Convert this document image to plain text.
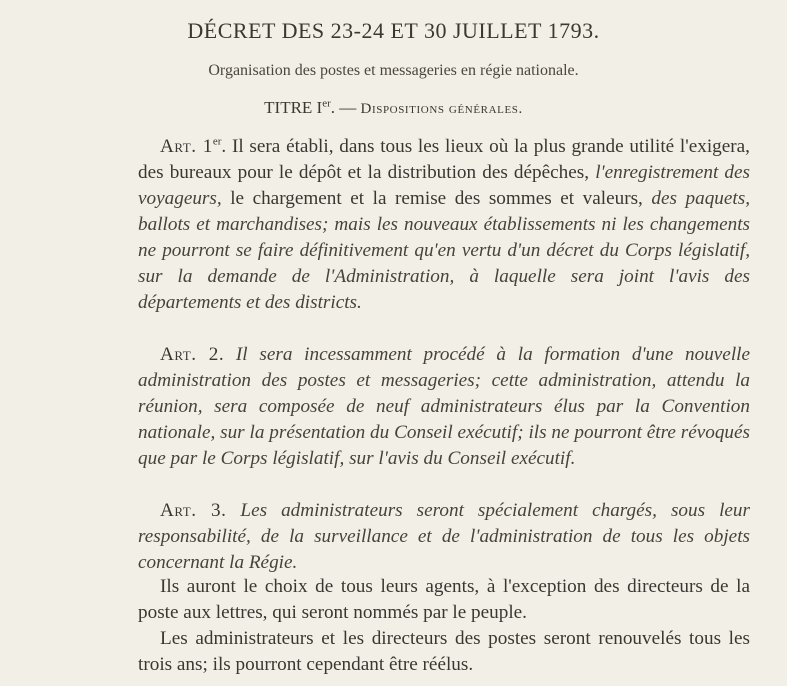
DÉCRET DES 23-24 ET 30 JUILLET 1793.
Organisation des postes et messageries en régie nationale.
TITRE Ier. — Dispositions générales.
Art. 1er. Il sera établi, dans tous les lieux où la plus grande utilité l'exigera, des bureaux pour le dépôt et la distribution des dépêches, l'enregistrement des voyageurs, le chargement et la remise des sommes et valeurs, des paquets, ballots et marchandises; mais les nouveaux établissements ni les changements ne pourront se faire définitivement qu'en vertu d'un décret du Corps législatif, sur la demande de l'Administration, à laquelle sera joint l'avis des départements et des districts.
Art. 2. Il sera incessamment procédé à la formation d'une nouvelle administration des postes et messageries; cette administration, attendu la réunion, sera composée de neuf administrateurs élus par la Convention nationale, sur la présentation du Conseil exécutif; ils ne pourront être révoqués que par le Corps législatif, sur l'avis du Conseil exécutif.
Art. 3. Les administrateurs seront spécialement chargés, sous leur responsabilité, de la surveillance et de l'administration de tous les objets concernant la Régie.
Ils auront le choix de tous leurs agents, à l'exception des directeurs de la poste aux lettres, qui seront nommés par le peuple.
Les administrateurs et les directeurs des postes seront renouvelés tous les trois ans; ils pourront cependant être réélus.
